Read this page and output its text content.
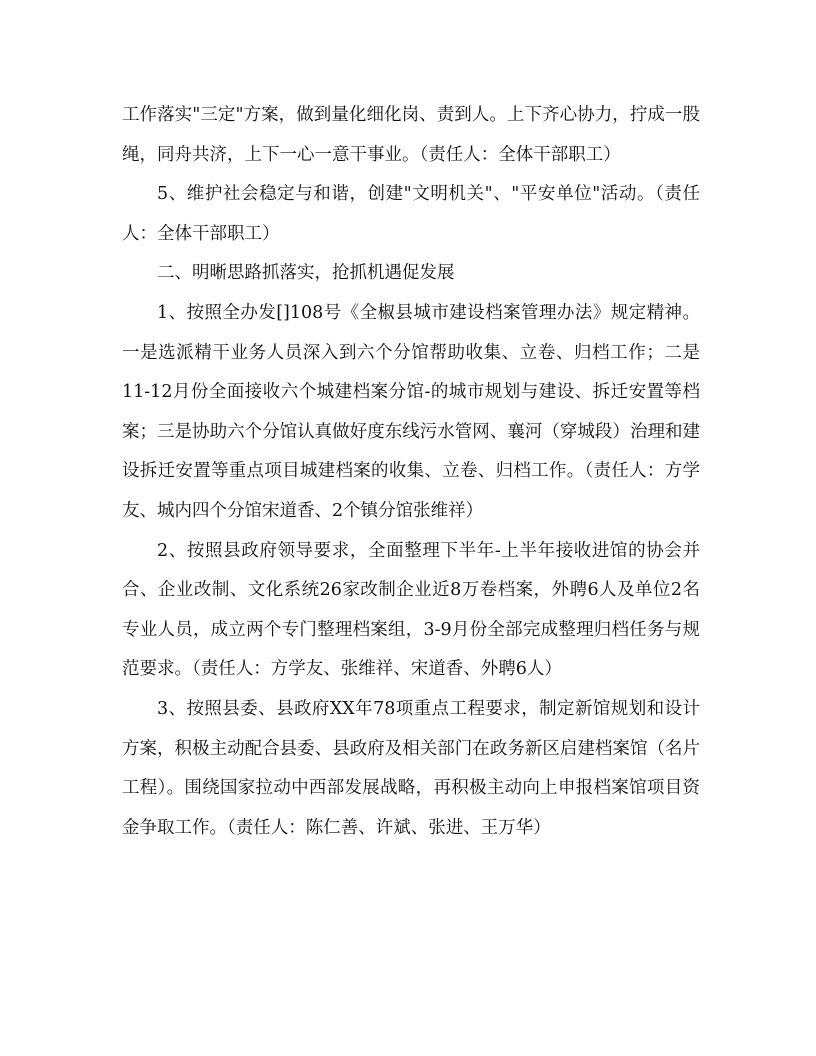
工作落实"三定"方案，做到量化细化岗、责到人。上下齐心协力，拧成一股绳，同舟共济，上下一心一意干事业。（责任人：全体干部职工）

5、维护社会稳定与和谐，创建"文明机关"、"平安单位"活动。（责任人：全体干部职工）

二、明晰思路抓落实，抢抓机遇促发展

1、按照全办发[]108号《全椒县城市建设档案管理办法》规定精神。一是选派精干业务人员深入到六个分馆帮助收集、立卷、归档工作；二是11-12月份全面接收六个城建档案分馆-的城市规划与建设、拆迁安置等档案；三是协助六个分馆认真做好度东线污水管网、襄河（穿城段）治理和建设拆迁安置等重点项目城建档案的收集、立卷、归档工作。（责任人：方学友、城内四个分馆宋道香、2个镇分馆张维祥）

2、按照县政府领导要求，全面整理下半年-上半年接收进馆的协会并合、企业改制、文化系统26家改制企业近8万卷档案，外聘6人及单位2名专业人员，成立两个专门整理档案组，3-9月份全部完成整理归档任务与规范要求。（责任人：方学友、张维祥、宋道香、外聘6人）

3、按照县委、县政府XX年78项重点工程要求，制定新馆规划和设计方案，积极主动配合县委、县政府及相关部门在政务新区启建档案馆（名片工程）。围绕国家拉动中西部发展战略，再积极主动向上申报档案馆项目资金争取工作。（责任人：陈仁善、许斌、张进、王万华）
